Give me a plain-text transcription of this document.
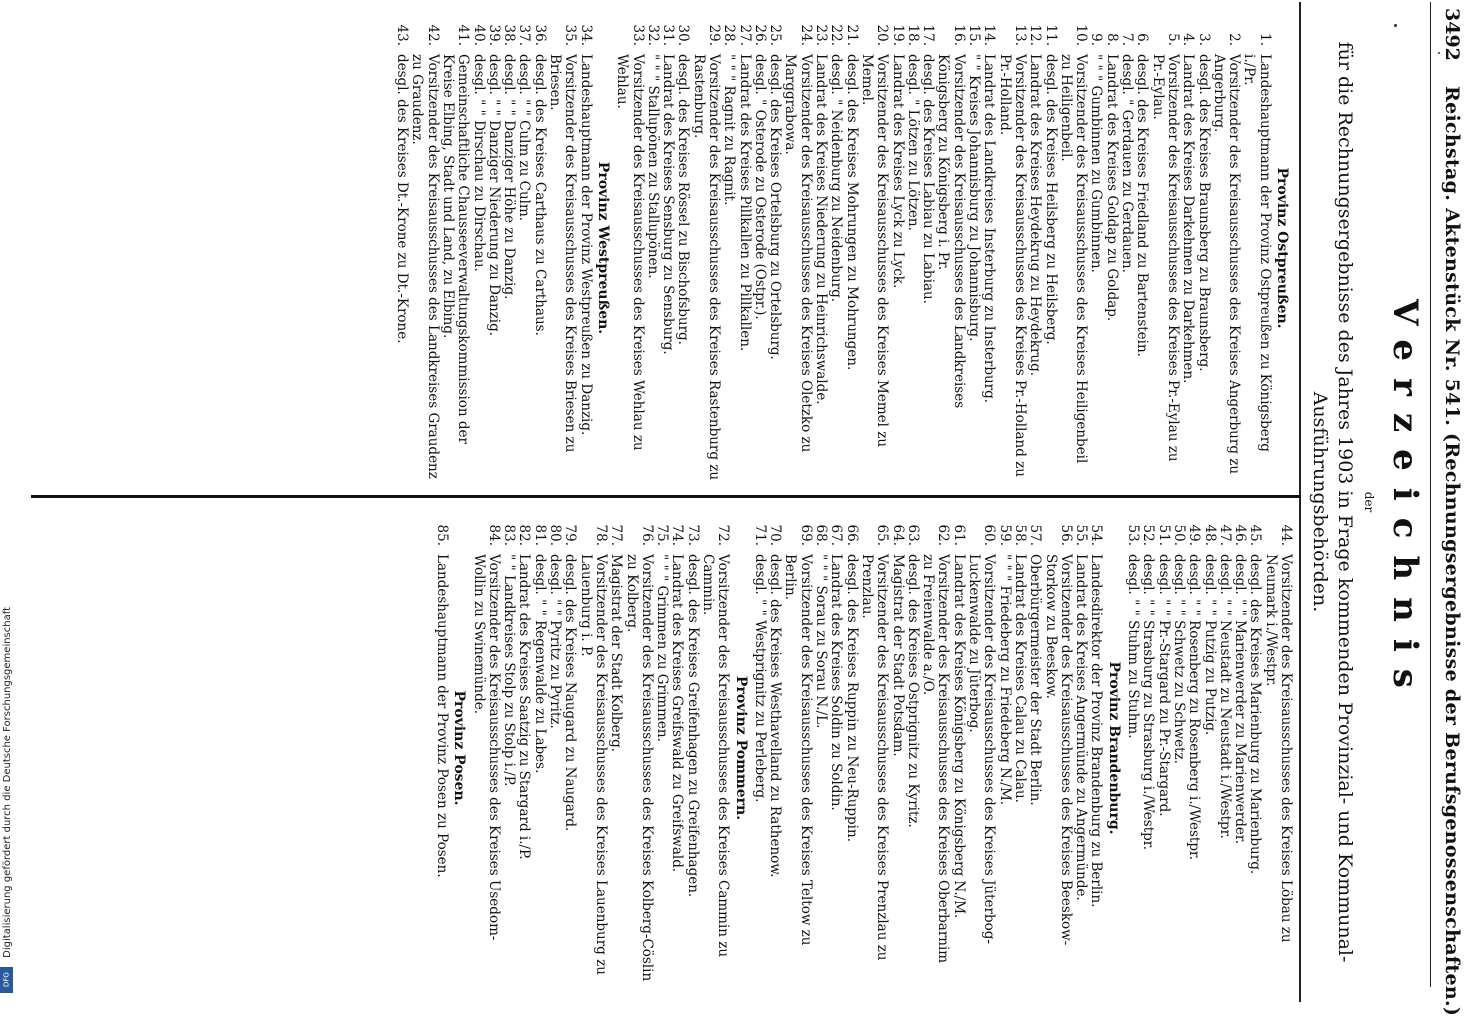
Digitalisierung gefördert durch die Deutsche Forschungsgemeinschaft
DFG
3492
Reichstag. Aktenstück Nr. 541. (Rechnungsergebnisse der Berufsgenossenschaften.)
Verzeichnis
der
für die Rechnungsergebnisse des Jahres 1903 in Frage kommenden Provinzial- und Kommunal-
Ausführungsbehörden.
Provinz Ostpreußen.
1.
Landeshauptmann der Provinz Ostpreußen zu Königsberg i./Pr.
2.
Vorsitzender des Kreisausschusses des Kreises Angerburg zu Angerburg.
3.
desgl. des Kreises Braunsberg zu Braunsberg.
4.
Landrat des Kreises Darkehmen zu Darkehmen.
5.
Vorsitzender des Kreisausschusses des Kreises Pr.-Eylau zu Pr.-Eylau.
6.
desgl. des Kreises Friedland zu Bartenstein.
7.
desgl. " Gerdauen zu Gerdauen.
8.
Landrat des Kreises Goldap zu Goldap.
9.
" " " Gumbinnen zu Gumbinnen.
10.
Vorsitzender des Kreisausschusses des Kreises Heiligenbeil zu Heiligenbeil.
11.
desgl. des Kreises Heilsberg zu Heilsberg.
12.
Landrat des Kreises Heydekrug zu Heydekrug.
13.
Vorsitzender des Kreisausschusses des Kreises Pr.-Holland zu Pr.-Holland.
14.
Landrat des Landkreises Insterburg zu Insterburg.
15.
" " Kreises Johannisburg zu Johannisburg.
16.
Vorsitzender des Kreisausschusses des Landkreises Königsberg zu Königsberg i. Pr.
17.
desgl. des Kreises Labiau zu Labiau.
18.
desgl. " Lötzen zu Lötzen.
19.
Landrat des Kreises Lyck zu Lyck.
20.
Vorsitzender des Kreisausschusses des Kreises Memel zu Memel.
21.
desgl. des Kreises Mohrungen zu Mohrungen.
22.
desgl. " Neidenburg zu Neidenburg.
23.
Landrat des Kreises Niederung zu Heinrichswalde.
24.
Vorsitzender des Kreisausschusses des Kreises Oletzko zu Marggrabowa.
25.
desgl. des Kreises Ortelsburg zu Ortelsburg.
26.
desgl. " Osterode zu Osterode (Ostpr.).
27.
Landrat des Kreises Pillkallen zu Pillkallen.
28.
" " " Ragnit zu Ragnit.
29.
Vorsitzender des Kreisausschusses des Kreises Rastenburg zu Rastenburg.
30.
desgl. des Kreises Rössel zu Bischofsburg.
31.
Landrat des Kreises Sensburg zu Sensburg.
32.
" " " Stallupönen zu Stallupönen.
33.
Vorsitzender des Kreisausschusses des Kreises Wehlau zu Wehlau.
Provinz Westpreußen.
34.
Landeshauptmann der Provinz Westpreußen zu Danzig.
35.
Vorsitzender des Kreisausschusses des Kreises Briesen zu Briesen.
36.
desgl. des Kreises Carthaus zu Carthaus.
37.
desgl. " " Culm zu Culm.
38.
desgl. " " Danziger Höhe zu Danzig.
39.
desgl. " " Danziger Niederung zu Danzig.
40.
desgl. " " Dirschau zu Dirschau.
41.
Gemeinschaftliche Chausseeverwaltungskommission der Kreise Elbing, Stadt und Land, zu Elbing.
42.
Vorsitzender des Kreisausschusses des Landkreises Graudenz zu Graudenz.
43.
desgl. des Kreises Dt.-Krone zu Dt.-Krone.
44.
Vorsitzender des Kreisausschusses des Kreises Löbau zu Neumark i./Westpr.
45.
desgl. des Kreises Marienburg zu Marienburg.
46.
desgl. " " Marienwerder zu Marienwerder.
47.
desgl. " " Neustadt zu Neustadt i./Westpr.
48.
desgl. " " Putzig zu Putzig.
49.
desgl. " " Rosenberg zu Rosenberg i./Westpr.
50.
desgl. " " Schwetz zu Schwetz.
51.
desgl. " " Pr.-Stargard zu Pr.-Stargard.
52.
desgl. " " Strasburg zu Strasburg i./Westpr.
53.
desgl. " " Stuhm zu Stuhm.
Provinz Brandenburg.
54.
Landesdirektor der Provinz Brandenburg zu Berlin.
55.
Landrat des Kreises Angermünde zu Angermünde.
56.
Vorsitzender des Kreisausschusses des Kreises Beeskow-Storkow zu Beeskow.
57.
Oberbürgermeister der Stadt Berlin.
58.
Landrat des Kreises Calau zu Calau.
59.
" " " Friedeberg zu Friedeberg N./M.
60.
Vorsitzender des Kreisausschusses des Kreises Jüterbog-Luckenwalde zu Jüterbog.
61.
Landrat des Kreises Königsberg zu Königsberg N./M.
62.
Vorsitzender des Kreisausschusses des Kreises Oberbarnim zu Freienwalde a./O.
63.
desgl. des Kreises Ostprignitz zu Kyritz.
64.
Magistrat der Stadt Potsdam.
65.
Vorsitzender des Kreisausschusses des Kreises Prenzlau zu Prenzlau.
66.
desgl. des Kreises Ruppin zu Neu-Ruppin.
67.
Landrat des Kreises Soldin zu Soldin.
68.
" " " Sorau zu Sorau N./L.
69.
Vorsitzender des Kreisausschusses des Kreises Teltow zu Berlin.
70.
desgl. des Kreises Westhavelland zu Rathenow.
71.
desgl. " " Westprignitz zu Perleberg.
Provinz Pommern.
72.
Vorsitzender des Kreisausschusses des Kreises Cammin zu Cammin.
73.
desgl. des Kreises Greifenhagen zu Greifenhagen.
74.
Landrat des Kreises Greifswald zu Greifswald.
75.
" " " Grimmen zu Grimmen.
76.
Vorsitzender des Kreisausschusses des Kreises Kolberg-Cöslin zu Kolberg.
77.
Magistrat der Stadt Kolberg.
78.
Vorsitzender des Kreisausschusses des Kreises Lauenburg zu Lauenburg i. P.
79.
desgl. des Kreises Naugard zu Naugard.
80.
desgl. " " Pyritz zu Pyritz.
81.
desgl. " " Regenwalde zu Labes.
82.
Landrat des Kreises Saatzig zu Stargard i./P.
83.
" " Landkreises Stolp zu Stolp i./P.
84.
Vorsitzender des Kreisausschusses des Kreises Usedom-Wollin zu Swinemünde.
Provinz Posen.
85.
Landeshauptmann der Provinz Posen zu Posen.
